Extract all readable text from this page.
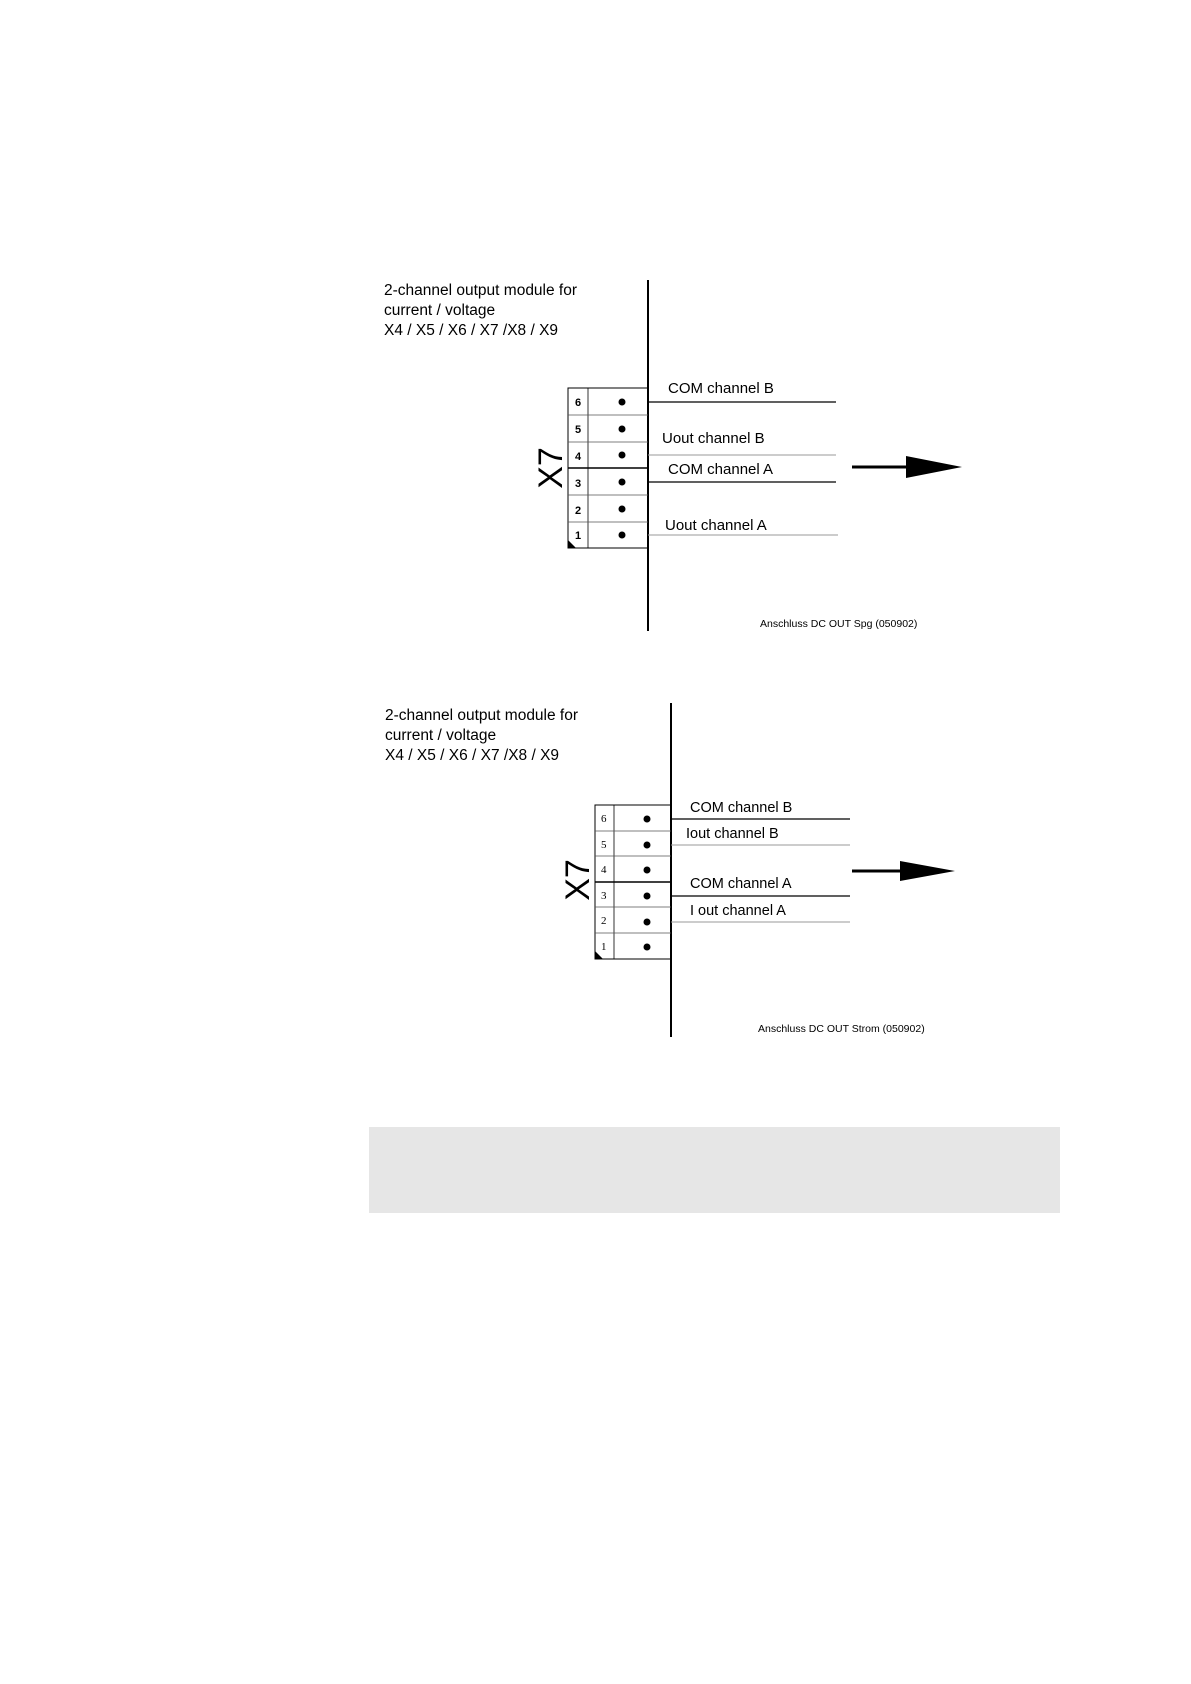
2-channel output module for
current / voltage
X4 / X5 / X6 / X7 /X8 / X9
6
5
4
3
2
1
X7
COM channel B
Uout channel B
COM channel A
Uout channel A
Anschluss DC OUT Spg (050902)
2-channel output module for
current / voltage
X4 / X5 / X6 / X7 /X8 / X9
6
5
4
3
2
1
X7
COM channel B
Iout channel B
COM channel A
I out channel A
Anschluss DC OUT Strom (050902)
